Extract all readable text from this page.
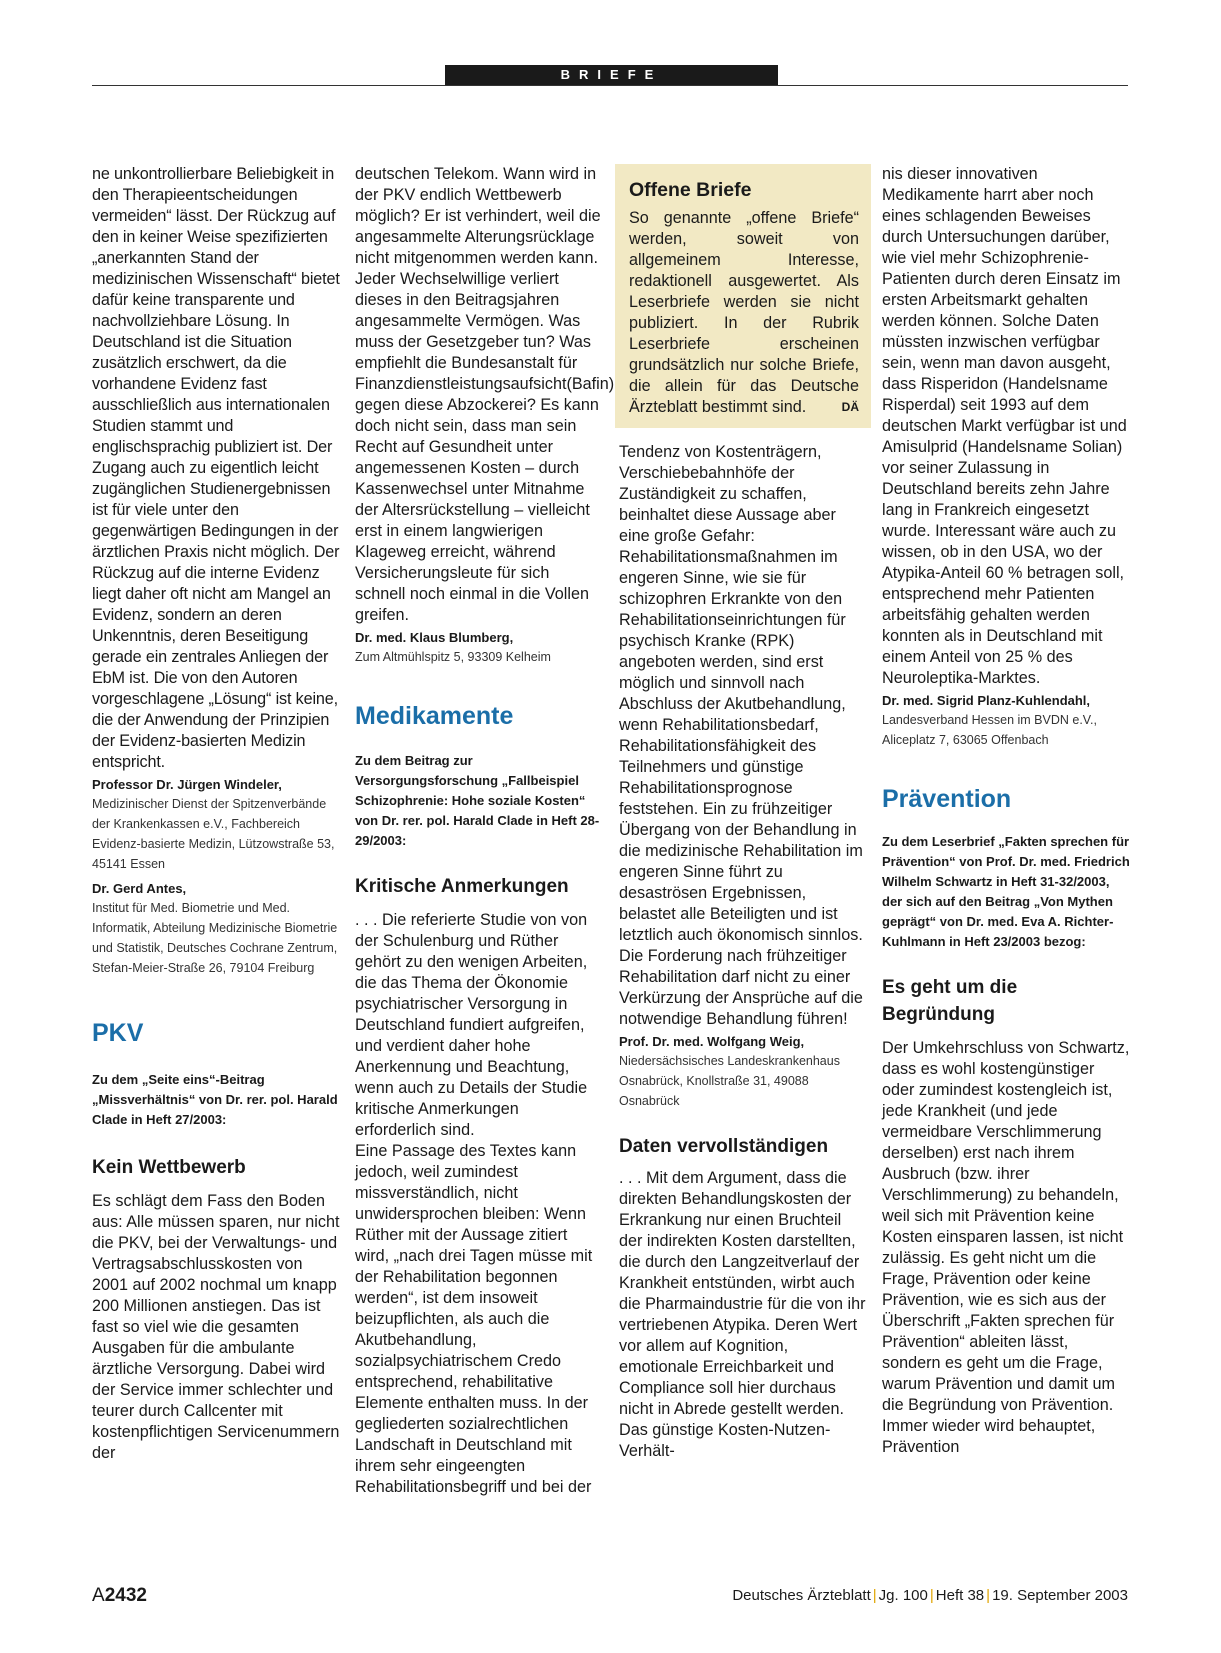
BRIEFE

ne unkontrollierbare Beliebigkeit in den Therapieentscheidungen vermeiden“ lässt. Der Rückzug auf den in keiner Weise spezifizierten „anerkannten Stand der medizinischen Wissenschaft“ bietet dafür keine transparente und nachvollziehbare Lösung. In Deutschland ist die Situation zusätzlich erschwert, da die vorhandene Evidenz fast ausschließlich aus internationalen Studien stammt und englischsprachig publiziert ist. Der Zugang auch zu eigentlich leicht zugänglichen Studienergebnissen ist für viele unter den gegenwärtigen Bedingungen in der ärztlichen Praxis nicht möglich. Der Rückzug auf die interne Evidenz liegt daher oft nicht am Mangel an Evidenz, sondern an deren Unkenntnis, deren Beseitigung gerade ein zentrales Anliegen der EbM ist. Die von den Autoren vorgeschlagene „Lösung“ ist keine, die der Anwendung der Prinzipien der Evidenz-basierten Medizin entspricht.

Professor Dr. Jürgen Windeler,
Medizinischer Dienst der Spitzenverbände der Krankenkassen e.V., Fachbereich Evidenz-basierte Medizin, Lützowstraße 53, 45141 Essen
Dr. Gerd Antes,
Institut für Med. Biometrie und Med. Informatik, Abteilung Medizinische Biometrie und Statistik, Deutsches Cochrane Zentrum, Stefan-Meier-Straße 26, 79104 Freiburg
PKV
Zu dem „Seite eins“-Beitrag „Missverhältnis“ von Dr. rer. pol. Harald Clade in Heft 27/2003:
Kein Wettbewerb

Es schlägt dem Fass den Boden aus: Alle müssen sparen, nur nicht die PKV, bei der Verwaltungs- und Vertragsabschlusskosten von 2001 auf 2002 nochmal um knapp 200 Millionen anstiegen. Das ist fast so viel wie die gesamten Ausgaben für die ambulante ärztliche Versorgung. Dabei wird der Service immer schlechter und teurer durch Callcenter mit kostenpflichtigen Servicenummern der

deutschen Telekom. Wann wird in der PKV endlich Wettbewerb möglich? Er ist verhindert, weil die angesammelte Alterungsrücklage nicht mitgenommen werden kann. Jeder Wechselwillige verliert dieses in den Beitragsjahren angesammelte Vermögen. Was muss der Gesetzgeber tun? Was empfiehlt die Bundesanstalt für Finanzdienstleistungsaufsicht(Bafin) gegen diese Abzockerei? Es kann doch nicht sein, dass man sein Recht auf Gesundheit unter angemessenen Kosten – durch Kassenwechsel unter Mitnahme der Altersrückstellung – vielleicht erst in einem langwierigen Klageweg erreicht, während Versicherungsleute für sich schnell noch einmal in die Vollen greifen.

Dr. med. Klaus Blumberg,
Zum Altmühlspitz 5, 93309 Kelheim
Medikamente
Zu dem Beitrag zur Versorgungsforschung „Fallbeispiel Schizophrenie: Hohe soziale Kosten“ von Dr. rer. pol. Harald Clade in Heft 28-29/2003:
Kritische Anmerkungen

. . . Die referierte Studie von von der Schulenburg und Rüther gehört zu den wenigen Arbeiten, die das Thema der Ökonomie psychiatrischer Versorgung in Deutschland fundiert aufgreifen, und verdient daher hohe Anerkennung und Beachtung, wenn auch zu Details der Studie kritische Anmerkungen erforderlich sind.

Eine Passage des Textes kann jedoch, weil zumindest missverständlich, nicht unwidersprochen bleiben: Wenn Rüther mit der Aussage zitiert wird, „nach drei Tagen müsse mit der Rehabilitation begonnen werden“, ist dem insoweit beizupflichten, als auch die Akutbehandlung, sozialpsychiatrischem Credo entsprechend, rehabilitative Elemente enthalten muss. In der gegliederten sozialrechtlichen Landschaft in Deutschland mit ihrem sehr eingeengten Rehabilitationsbegriff und bei der

Offene Briefe
So genannte „offene Briefe“ werden, soweit von allgemeinem Interesse, redaktionell ausgewertet. Als Leserbriefe werden sie nicht publiziert. In der Rubrik Leserbriefe erscheinen grundsätzlich nur solche Briefe, die allein für das Deutsche Ärzteblatt bestimmt sind.	DÄ

Tendenz von Kostenträgern, Verschiebebahnhöfe der Zuständigkeit zu schaffen, beinhaltet diese Aussage aber eine große Gefahr: Rehabilitationsmaßnahmen im engeren Sinne, wie sie für schizophren Erkrankte von den Rehabilitationseinrichtungen für psychisch Kranke (RPK) angeboten werden, sind erst möglich und sinnvoll nach Abschluss der Akutbehandlung, wenn Rehabilitationsbedarf, Rehabilitationsfähigkeit des Teilnehmers und günstige Rehabilitationsprognose feststehen. Ein zu frühzeitiger Übergang von der Behandlung in die medizinische Rehabilitation im engeren Sinne führt zu desaströsen Ergebnissen, belastet alle Beteiligten und ist letztlich auch ökonomisch sinnlos. Die Forderung nach frühzeitiger Rehabilitation darf nicht zu einer Verkürzung der Ansprüche auf die notwendige Behandlung führen!

Prof. Dr. med. Wolfgang Weig,
Niedersächsisches Landeskrankenhaus Osnabrück, Knollstraße 31, 49088 Osnabrück
Daten vervollständigen

. . . Mit dem Argument, dass die direkten Behandlungskosten der Erkrankung nur einen Bruchteil der indirekten Kosten darstellten, die durch den Langzeitverlauf der Krankheit entstünden, wirbt auch die Pharmaindustrie für die von ihr vertriebenen Atypika. Deren Wert vor allem auf Kognition, emotionale Erreichbarkeit und Compliance soll hier durchaus nicht in Abrede gestellt werden. Das günstige Kosten-Nutzen-Verhält-

nis dieser innovativen Medikamente harrt aber noch eines schlagenden Beweises durch Untersuchungen darüber, wie viel mehr Schizophrenie-Patienten durch deren Einsatz im ersten Arbeitsmarkt gehalten werden können. Solche Daten müssten inzwischen verfügbar sein, wenn man davon ausgeht, dass Risperidon (Handelsname Risperdal) seit 1993 auf dem deutschen Markt verfügbar ist und Amisulprid (Handelsname Solian) vor seiner Zulassung in Deutschland bereits zehn Jahre lang in Frankreich eingesetzt wurde. Interessant wäre auch zu wissen, ob in den USA, wo der Atypika-Anteil 60 % betragen soll, entsprechend mehr Patienten arbeitsfähig gehalten werden konnten als in Deutschland mit einem Anteil von 25 % des Neuroleptika-Marktes.

Dr. med. Sigrid Planz-Kuhlendahl,
Landesverband Hessen im BVDN e.V., Aliceplatz 7, 63065 Offenbach
Prävention
Zu dem Leserbrief „Fakten sprechen für Prävention“ von Prof. Dr. med. Friedrich Wilhelm Schwartz in Heft 31-32/2003, der sich auf den Beitrag „Von Mythen geprägt“ von Dr. med. Eva A. Richter-Kuhlmann in Heft 23/2003 bezog:
Es geht um die Begründung

Der Umkehrschluss von Schwartz, dass es wohl kostengünstiger oder zumindest kostengleich ist, jede Krankheit (und jede vermeidbare Verschlimmerung derselben) erst nach ihrem Ausbruch (bzw. ihrer Verschlimmerung) zu behandeln, weil sich mit Prävention keine Kosten einsparen lassen, ist nicht zulässig. Es geht nicht um die Frage, Prävention oder keine Prävention, wie es sich aus der Überschrift „Fakten sprechen für Prävention“ ableiten lässt, sondern es geht um die Frage, warum Prävention und damit um die Begründung von Prävention. Immer wieder wird behauptet, Prävention

A2432	Deutsches Ärzteblatt | Jg. 100 | Heft 38 | 19. September 2003
